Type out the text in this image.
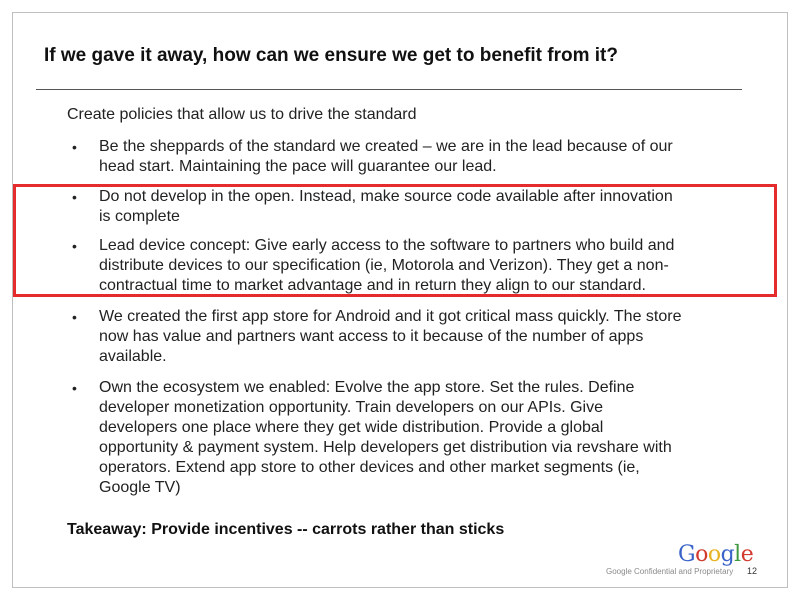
If we gave it away, how can we ensure we get to benefit from it?
Create policies that allow us to drive the standard
•	Be the sheppards of the standard we created – we are in the lead because of our
head start. Maintaining the pace will guarantee our lead.
•	Do not develop in the open. Instead, make source code available after innovation
is complete
•	Lead device concept: Give early access to the software to partners who build and
distribute devices to our specification (ie, Motorola and Verizon). They get a non-
contractual time to market advantage and in return they align to our standard.
•	We created the first app store for Android and it got critical mass quickly. The store
now has value and partners want access to it because of the number of apps
available.
•	Own the ecosystem we enabled: Evolve the app store. Set the rules. Define
developer monetization opportunity. Train developers on our APIs. Give
developers one place where they get wide distribution. Provide a global
opportunity & payment system. Help developers get distribution via revshare with
operators. Extend app store to other devices and other market segments (ie,
Google TV)
Takeaway: Provide incentives -- carrots rather than sticks
Google
Google Confidential and Proprietary 12
